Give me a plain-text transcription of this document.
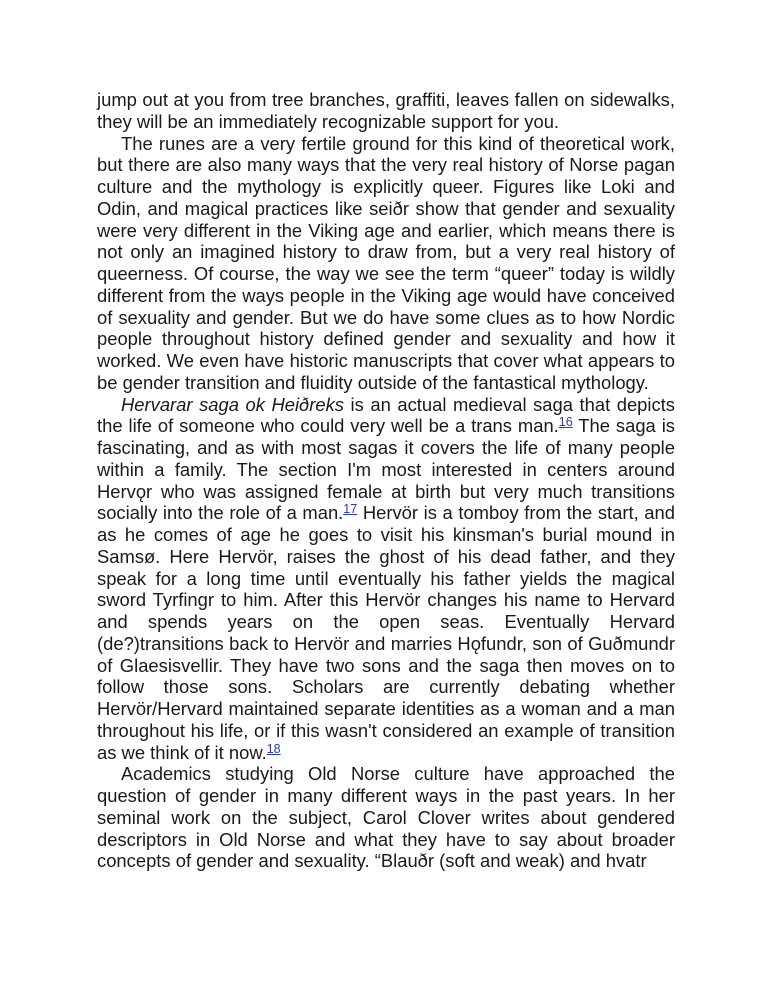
jump out at you from tree branches, graffiti, leaves fallen on sidewalks, they will be an immediately recognizable support for you.

The runes are a very fertile ground for this kind of theoretical work, but there are also many ways that the very real history of Norse pagan culture and the mythology is explicitly queer. Figures like Loki and Odin, and magical practices like seiðr show that gender and sexuality were very different in the Viking age and earlier, which means there is not only an imagined history to draw from, but a very real history of queerness. Of course, the way we see the term “queer” today is wildly different from the ways people in the Viking age would have conceived of sexuality and gender. But we do have some clues as to how Nordic people throughout history defined gender and sexuality and how it worked. We even have historic manuscripts that cover what appears to be gender transition and fluidity outside of the fantastical mythology.

Hervarar saga ok Heiðreks is an actual medieval saga that depicts the life of someone who could very well be a trans man.$^{16}$ The saga is fascinating, and as with most sagas it covers the life of many people within a family. The section I'm most interested in centers around Hervǫr who was assigned female at birth but very much transitions socially into the role of a man.$^{17}$ Hervör is a tomboy from the start, and as he comes of age he goes to visit his kinsman's burial mound in Samsø. Here Hervör, raises the ghost of his dead father, and they speak for a long time until eventually his father yields the magical sword Tyrfingr to him. After this Hervör changes his name to Hervard and spends years on the open seas. Eventually Hervard (de?)transitions back to Hervör and marries Hǫfundr, son of Guðmundr of Glaesisvellir. They have two sons and the saga then moves on to follow those sons. Scholars are currently debating whether Hervör/Hervard maintained separate identities as a woman and a man throughout his life, or if this wasn't considered an example of transition as we think of it now.$^{18}$

Academics studying Old Norse culture have approached the question of gender in many different ways in the past years. In her seminal work on the subject, Carol Clover writes about gendered descriptors in Old Norse and what they have to say about broader concepts of gender and sexuality. “Blauðr (soft and weak) and hvatr
